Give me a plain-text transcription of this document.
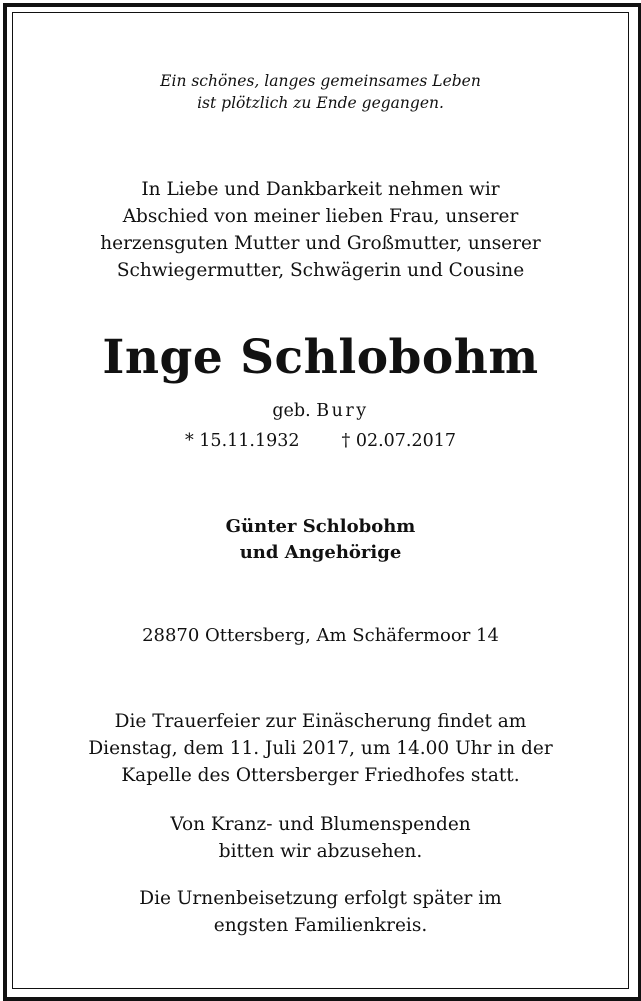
Ein schönes, langes gemeinsames Leben
ist plötzlich zu Ende gegangen.
In Liebe und Dankbarkeit nehmen wir
Abschied von meiner lieben Frau, unserer
herzensguten Mutter und Großmutter, unserer
Schwiegermutter, Schwägerin und Cousine
Inge Schlobohm
geb. Bury
* 15.11.1932 † 02.07.2017
Günter Schlobohm
und Angehörige
28870 Ottersberg, Am Schäfermoor 14
Die Trauerfeier zur Einäscherung findet am
Dienstag, dem 11. Juli 2017, um 14.00 Uhr in der
Kapelle des Ottersberger Friedhofes statt.
Von Kranz- und Blumenspenden
bitten wir abzusehen.
Die Urnenbeisetzung erfolgt später im
engsten Familienkreis.
